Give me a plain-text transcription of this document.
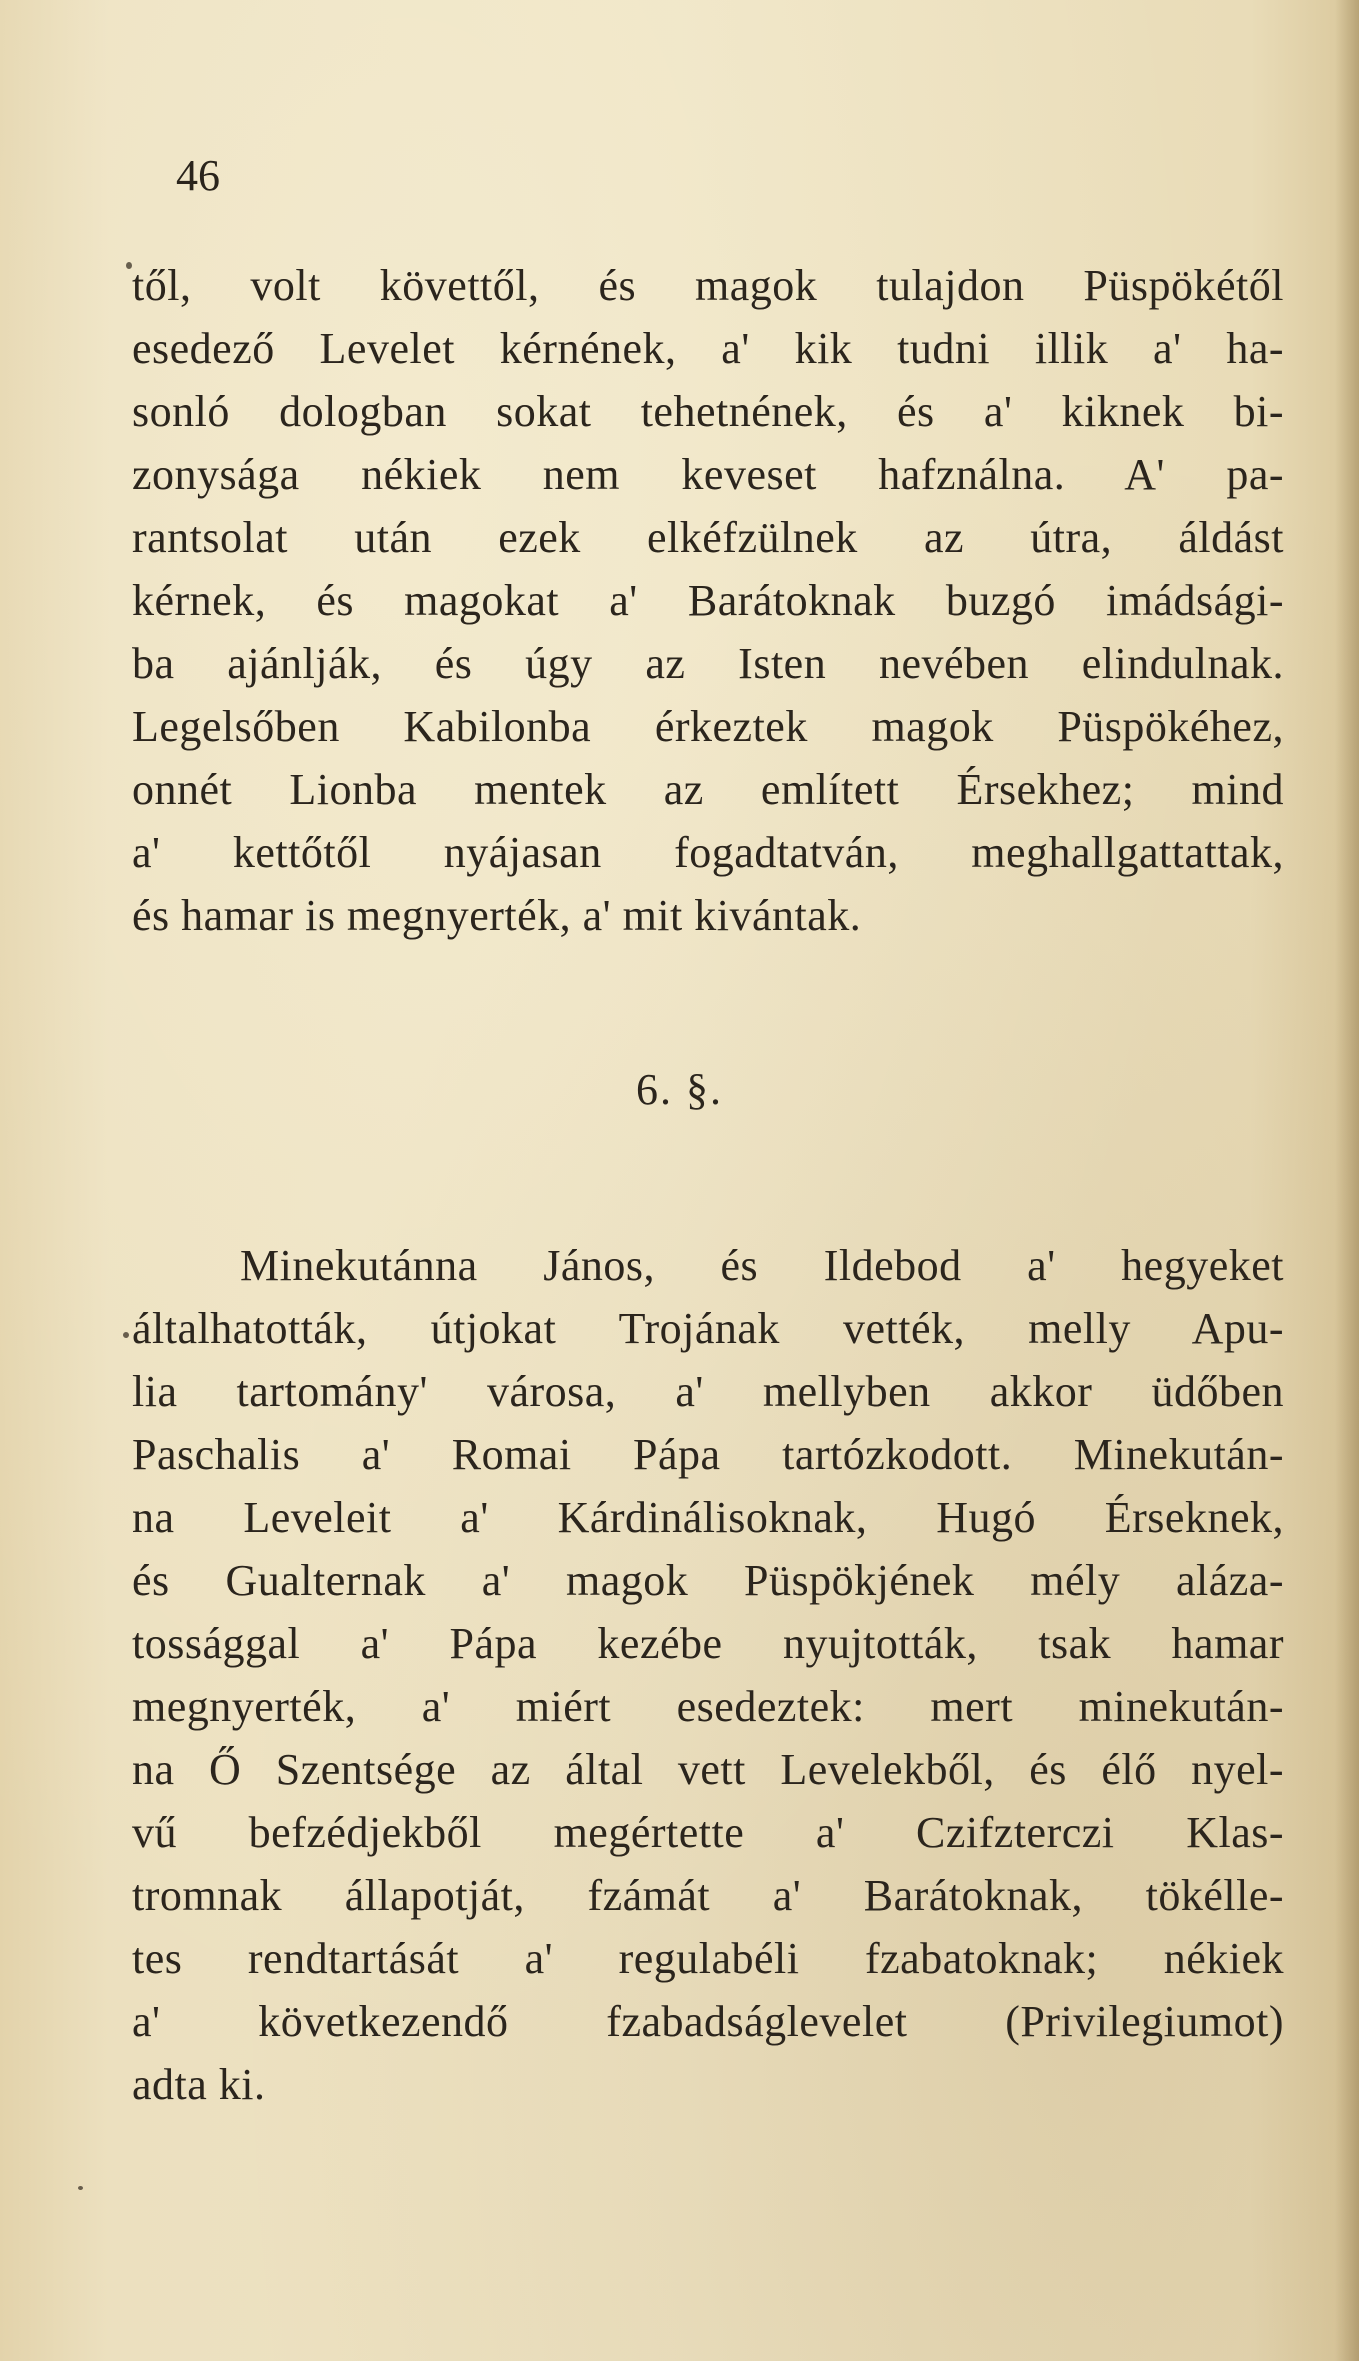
46
től, volt követtől, és magok tulajdon Püspökétől
esedező Levelet kérnének, a' kik tudni illik a' ha-
sonló dologban sokat tehetnének, és a' kiknek bi-
zonysága nékiek nem keveset hafználna. A' pa-
rantsolat után ezek elkéfzülnek az útra, áldást
kérnek, és magokat a' Barátoknak buzgó imádsági-
ba ajánlják, és úgy az Isten nevében elindulnak.
Legelsőben Kabilonba érkeztek magok Püspökéhez,
onnét Lionba mentek az említett Érsekhez; mind
a' kettőtől nyájasan fogadtatván, meghallgattattak,
és hamar is megnyerték, a' mit kivántak.
6. §.
Minekutánna János, és Ildebod a' hegyeket
általhatották, útjokat Trojának vették, melly Apu-
lia tartomány' városa, a' mellyben akkor üdőben
Paschalis a' Romai Pápa tartózkodott. Minekután-
na Leveleit a' Kárdinálisoknak, Hugó Érseknek,
és Gualternak a' magok Püspökjének mély aláza-
tossággal a' Pápa kezébe nyujtották, tsak hamar
megnyerték, a' miért esedeztek: mert minekután-
na Ő Szentsége az által vett Levelekből, és élő nyel-
vű befzédjekből megértette a' Czifzterczi Klas-
tromnak állapotját, fzámát a' Barátoknak, tökélle-
tes rendtartását a' regulabéli fzabatoknak; nékiek
a' következendő fzabadságlevelet (Privilegiumot)
adta ki.
